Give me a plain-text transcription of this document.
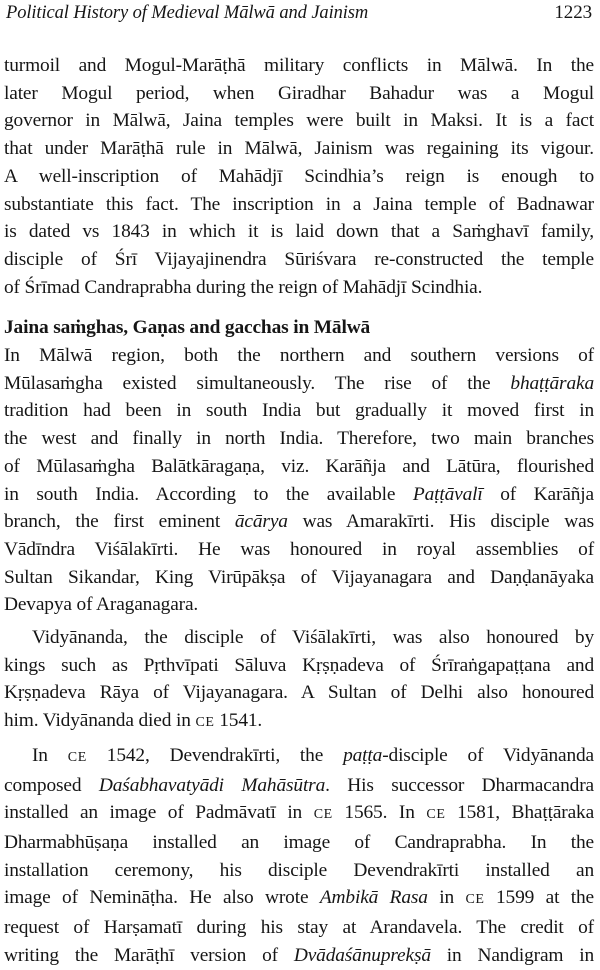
Political History of Medieval Mālwā and Jainism	1223

turmoil and Mogul-Marāṭhā military conflicts in Mālwā. In the

later Mogul period, when Giradhar Bahadur was a Mogul

governor in Mālwā, Jaina temples were built in Maksi. It is a fact

that under Marāṭhā rule in Mālwā, Jainism was regaining its vigour.

A well-inscription of Mahādjī Scindhia’s reign is enough to

substantiate this fact. The inscription in a Jaina temple of Badnawar

is dated vs 1843 in which it is laid down that a Saṁghavī family,

disciple of Śrī Vijayajinendra Sūriśvara re-constructed the temple

of Śrīmad Candraprabha during the reign of Mahādjī Scindhia.

Jaina saṁghas, Gaṇas and gacchas in Mālwā

In Mālwā region, both the northern and southern versions of

Mūlasaṁgha existed simultaneously. The rise of the bhaṭṭāraka

tradition had been in south India but gradually it moved first in

the west and finally in north India. Therefore, two main branches

of Mūlasaṁgha Balātkāragaṇa, viz. Karāñja and Lātūra, flourished

in south India. According to the available Paṭṭāvalī of Karāñja

branch, the first eminent ācārya was Amarakīrti. His disciple was

Vādīndra Viśālakīrti. He was honoured in royal assemblies of

Sultan Sikandar, King Virūpākṣa of Vijayanagara and Daṇḍanāyaka

Devapya of Araganagara.

Vidyānanda, the disciple of Viśālakīrti, was also honoured by

kings such as Pṛthvīpati Sāluva Kṛṣṇadeva of Śrīraṅgapaṭṭana and

Kṛṣṇadeva Rāya of Vijayanagara. A Sultan of Delhi also honoured

him. Vidyānanda died in CE 1541.

In CE 1542, Devendrakīrti, the paṭṭa-disciple of Vidyānanda

composed Daśabhavatyādi Mahāsūtra. His successor Dharmacandra

installed an image of Padmāvatī in CE 1565. In CE 1581, Bhaṭṭāraka

Dharmabhūṣaṇa installed an image of Candraprabha. In the

installation ceremony, his disciple Devendrakīrti installed an

image of Nemināṭha. He also wrote Ambikā Rasa in CE 1599 at the

request of Harṣamatī during his stay at Arandavela. The credit of

writing the Marāṭhī version of Dvādaśānuprekṣā in Nandigram in
